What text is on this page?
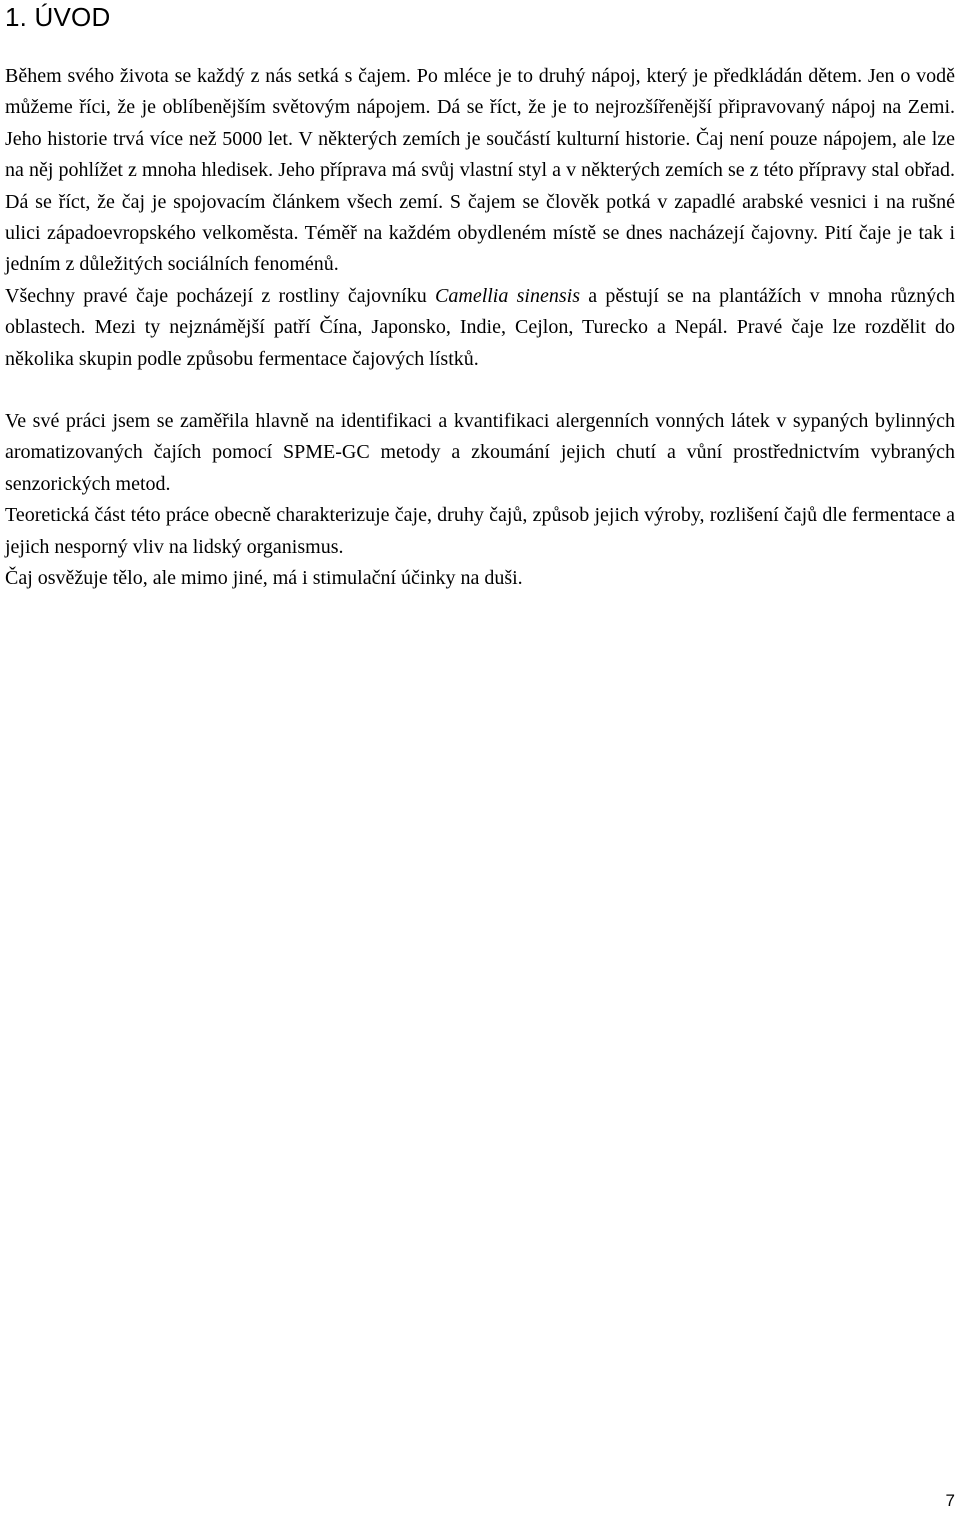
1. ÚVOD

Během svého života se každý z nás setká s čajem. Po mléce je to druhý nápoj, který je předkládán dětem. Jen o vodě můžeme říci, že je oblíbenějším světovým nápojem. Dá se říct, že je to nejrozšířenější připravovaný nápoj na Zemi. Jeho historie trvá více než 5000 let. V některých zemích je součástí kulturní historie. Čaj není pouze nápojem, ale lze na něj pohlížet z mnoha hledisek. Jeho příprava má svůj vlastní styl a v některých zemích se z této přípravy stal obřad. Dá se říct, že čaj je spojovacím článkem všech zemí. S čajem se člověk potká v zapadlé arabské vesnici i na rušné ulici západoevropského velkoměsta. Téměř na každém obydleném místě se dnes nacházejí čajovny. Pití čaje je tak i jedním z důležitých sociálních fenoménů.

Všechny pravé čaje pocházejí z rostliny čajovníku Camellia sinensis a pěstují se na plantážích v mnoha různých oblastech. Mezi ty nejznámější patří Čína, Japonsko, Indie, Cejlon, Turecko a Nepál. Pravé čaje lze rozdělit do několika skupin podle způsobu fermentace čajových lístků.

Ve své práci jsem se zaměřila hlavně na identifikaci a kvantifikaci alergenních vonných látek v sypaných bylinných aromatizovaných čajích pomocí SPME-GC metody a zkoumání jejich chutí a vůní prostřednictvím vybraných senzorických metod.

Teoretická část této práce obecně charakterizuje čaje, druhy čajů, způsob jejich výroby, rozlišení čajů dle fermentace a jejich nesporný vliv na lidský organismus.

Čaj osvěžuje tělo, ale mimo jiné, má i stimulační účinky na duši.

7
